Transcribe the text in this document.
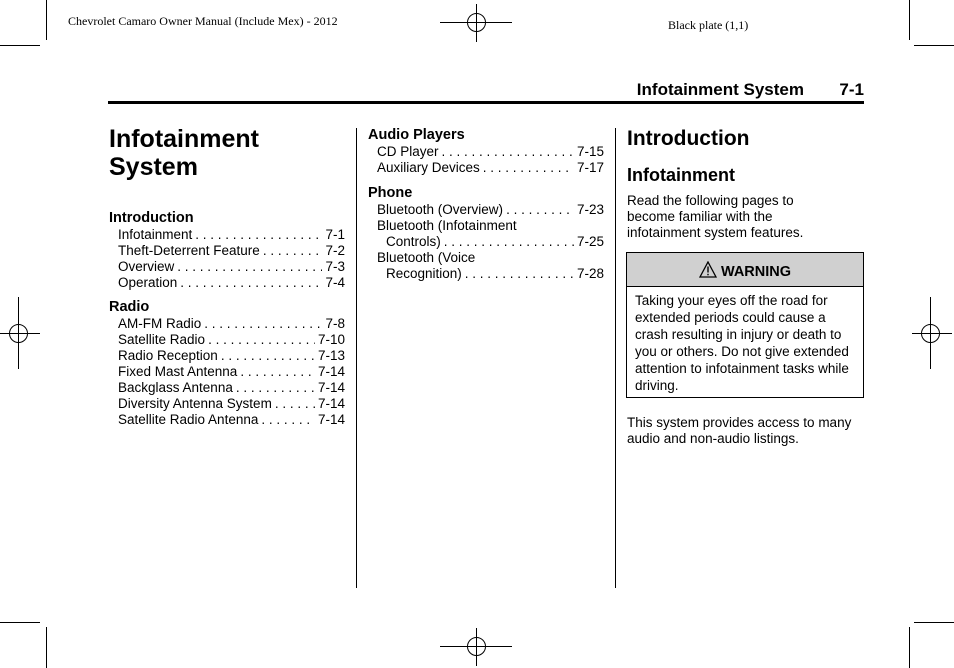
Chevrolet Camaro Owner Manual (Include Mex) - 2012	Black plate (1,1)
Infotainment System 7-1
Infotainment System
Introduction
Infotainment . . .	7-1
Theft-Deterrent Feature . . .	7-2
Overview . . .	7-3
Operation . . .	7-4
Radio
AM-FM Radio . . .	7-8
Satellite Radio . . .	7-10
Radio Reception . . .	7-13
Fixed Mast Antenna . . .	7-14
Backglass Antenna . . .	7-14
Diversity Antenna System . . .	7-14
Satellite Radio Antenna . . .	7-14
Audio Players
CD Player . . .	7-15
Auxiliary Devices . . .	7-17
Phone
Bluetooth (Overview) . . .	7-23
Bluetooth (Infotainment
Controls) . . .	7-25
Bluetooth (Voice
Recognition) . . .	7-28
Introduction
Infotainment
Read the following pages to become familiar with the infotainment system features.
WARNING
Taking your eyes off the road for extended periods could cause a crash resulting in injury or death to you or others. Do not give extended attention to infotainment tasks while driving.
This system provides access to many audio and non-audio listings.
